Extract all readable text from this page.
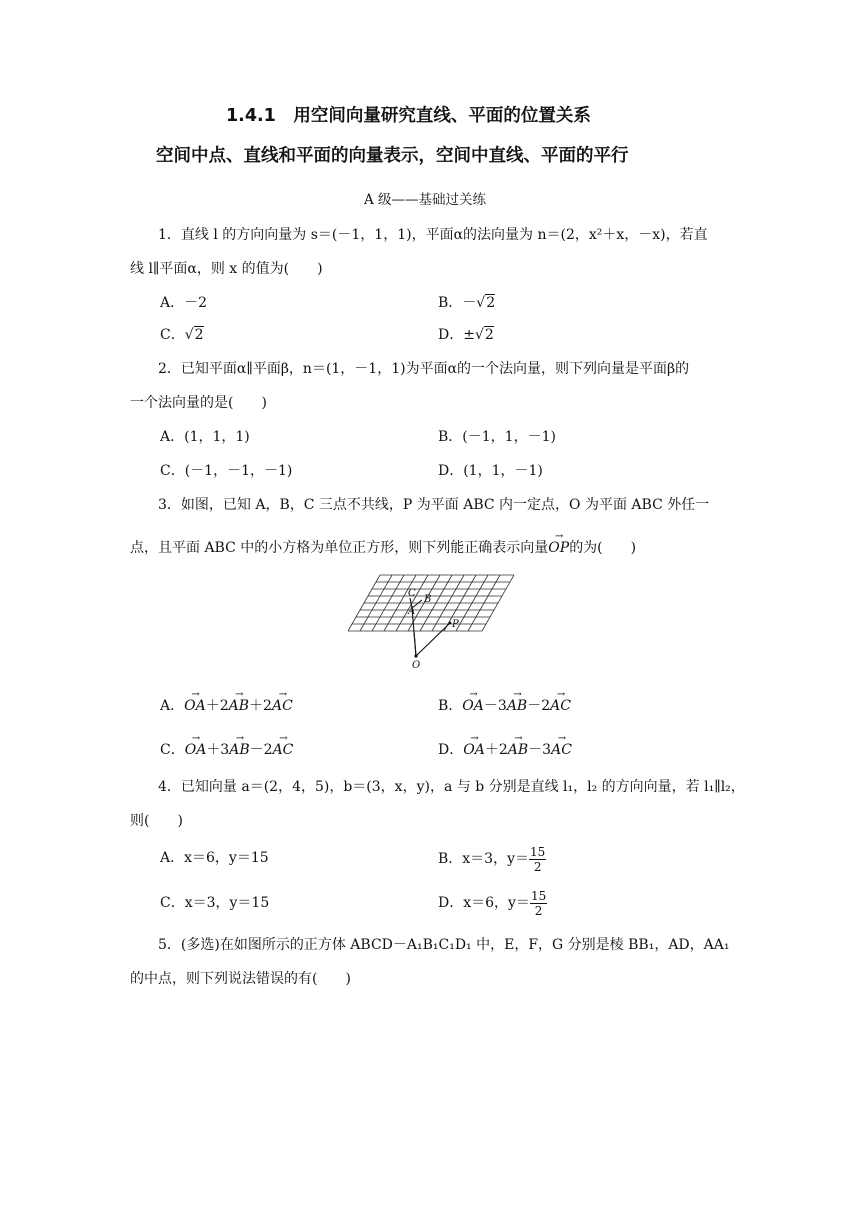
1.4.1　用空间向量研究直线、平面的位置关系
空间中点、直线和平面的向量表示，空间中直线、平面的平行
A 级——基础过关练
1．直线 l 的方向向量为 s＝(－1，1，1)，平面α的法向量为 n＝(2，x²＋x，－x)，若直
线 l∥平面α，则 x 的值为(　　)
A．－2	B．－√2
C．√2	D．±√2
2．已知平面α∥平面β，n＝(1，－1，1)为平面α的一个法向量，则下列向量是平面β的
一个法向量的是(　　)
A．(1，1，1)	B．(－1，1，－1)
C．(－1，－1，－1)	D．(1，1，－1)
3．如图，已知 A，B，C 三点不共线，P 为平面 ABC 内一定点，O 为平面 ABC 外任一
点，且平面 ABC 中的小方格为单位正方形，则下列能正确表示向量→ OP的为(　　)
C
B
A
P
O
A．→ OA＋2→ AB＋2→ AC	B．→ OA－3→ AB－2→ AC
C．→ OA＋3→ AB－2→ AC	D．→ OA＋2→ AB－3→ AC
4．已知向量 a＝(2，4，5)，b＝(3，x，y)，a 与 b 分别是直线 l₁，l₂ 的方向向量，若 l₁∥l₂，
则(　　)
A．x＝6，y＝15	B．x＝3，$y= \frac{15}{2}$
C．x＝3，y＝15	D．x＝6，$y= \frac{15}{2}$
5．(多选)在如图所示的正方体 ABCD－A₁B₁C₁D₁ 中，E，F，G 分别是棱 BB₁，AD，AA₁
的中点，则下列说法错误的有(　　)
